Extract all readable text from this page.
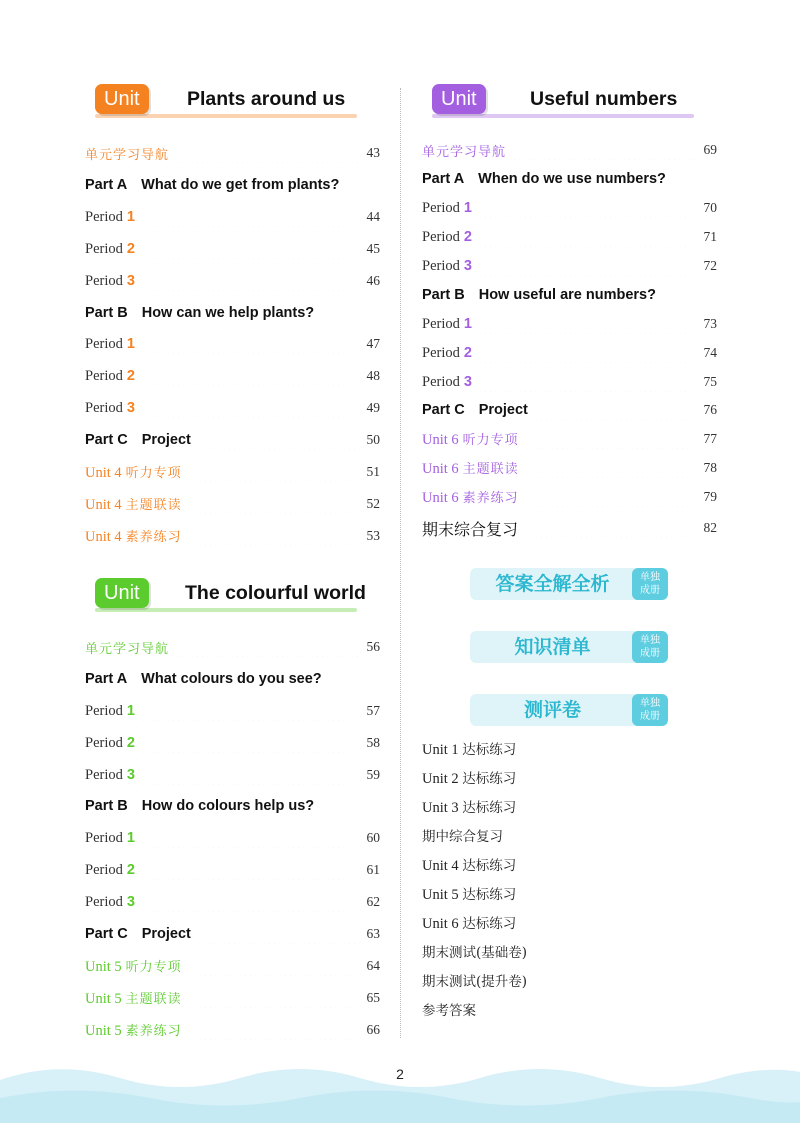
Unit 4
Plants around us
单元学习导航	43
Part A What do we get from plants?
Period 1	44
Period 2	45
Period 3	46
Part B How can we help plants?
Period 1	47
Period 2	48
Period 3	49
Part C Project	50
Unit 4 听力专项	51
Unit 4 主题联读	52
Unit 4 素养练习	53
Unit 5
The colourful world
单元学习导航	56
Part A What colours do you see?
Period 1	57
Period 2	58
Period 3	59
Part B How do colours help us?
Period 1	60
Period 2	61
Period 3	62
Part C Project	63
Unit 5 听力专项	64
Unit 5 主题联读	65
Unit 5 素养练习	66
Unit 6
Useful numbers
单元学习导航	69
Part A When do we use numbers?
Period 1	70
Period 2	71
Period 3	72
Part B How useful are numbers?
Period 1	73
Period 2	74
Period 3	75
Part C Project	76
Unit 6 听力专项	77
Unit 6 主题联读	78
Unit 6 素养练习	79
期末综合复习	82
答案全解全析	单独
成册
知识清单	单独
成册
测评卷	单独
成册
Unit 1 达标练习
Unit 2 达标练习
Unit 3 达标练习
期中综合复习
Unit 4 达标练习
Unit 5 达标练习
Unit 6 达标练习
期末测试(基础卷)
期末测试(提升卷)
参考答案
2
